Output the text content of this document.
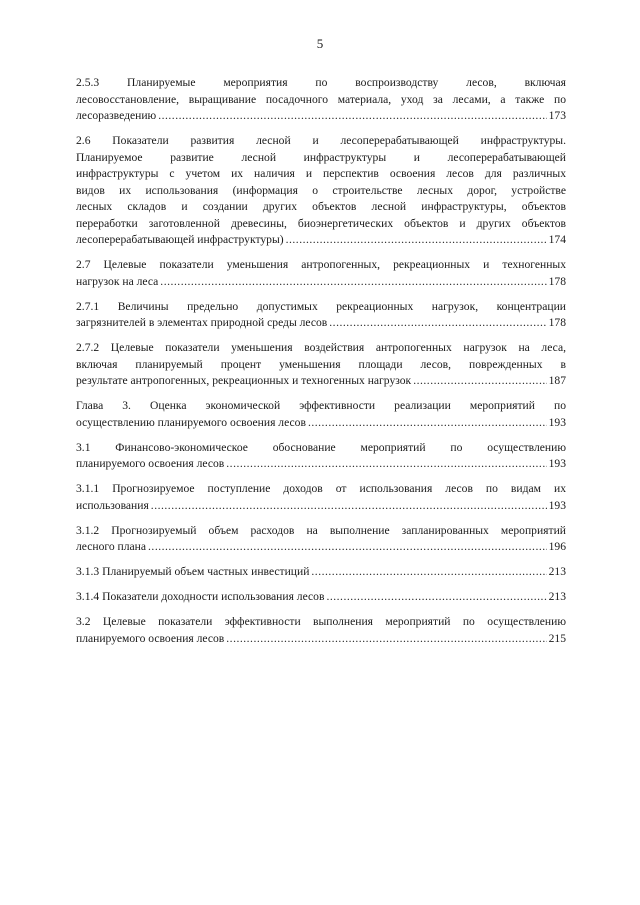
5
2.5.3 Планируемые мероприятия по воспроизводству лесов, включая
лесовосстановление, выращивание посадочного материала, уход за лесами, а также по
лесоразведению .....	173
2.6 Показатели развития лесной и лесоперерабатывающей инфраструктуры.
Планируемое развитие лесной инфраструктуры и лесоперерабатывающей
инфраструктуры с учетом их наличия и перспектив освоения лесов для различных
видов их использования (информация о строительстве лесных дорог, устройстве
лесных складов и создании других объектов лесной инфраструктуры, объектов
переработки заготовленной древесины, биоэнергетических объектов и других объектов
лесоперерабатывающей инфраструктуры) .....	174
2.7 Целевые показатели уменьшения антропогенных, рекреационных и техногенных
нагрузок на леса .....	178
2.7.1 Величины предельно допустимых рекреационных нагрузок, концентрации
загрязнителей в элементах природной среды лесов .....	178
2.7.2 Целевые показатели уменьшения воздействия антропогенных нагрузок на леса,
включая планируемый процент уменьшения площади лесов, поврежденных в
результате антропогенных, рекреационных и техногенных нагрузок .....	187
Глава 3. Оценка экономической эффективности реализации мероприятий по
осуществлению планируемого освоения лесов .....	193
3.1 Финансово-экономическое обоснование мероприятий по осуществлению
планируемого освоения лесов .....	193
3.1.1 Прогнозируемое поступление доходов от использования лесов по видам их
использования .....	193
3.1.2 Прогнозируемый объем расходов на выполнение запланированных мероприятий
лесного плана .....	196
3.1.3 Планируемый объем частных инвестиций .....	213
3.1.4 Показатели доходности использования лесов .....	213
3.2 Целевые показатели эффективности выполнения мероприятий по осуществлению
планируемого освоения лесов .....	215
